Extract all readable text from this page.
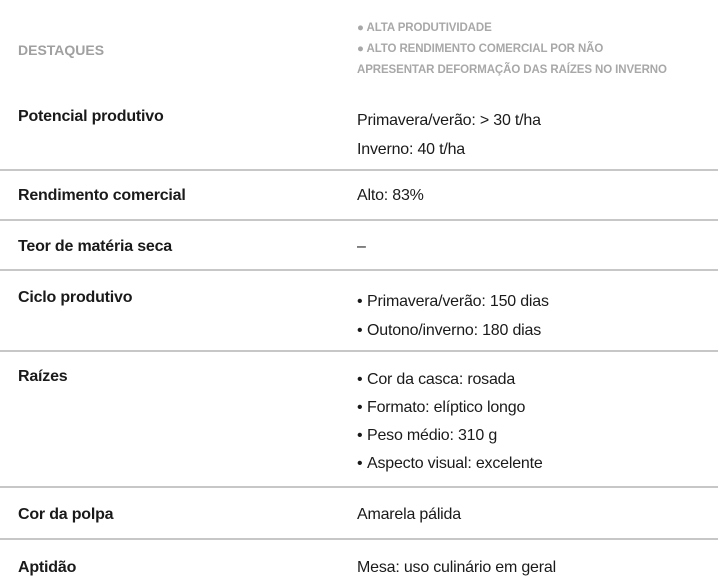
DESTAQUES
● ALTA PRODUTIVIDADE
● ALTO RENDIMENTO COMERCIAL POR NÃO
APRESENTAR DEFORMAÇÃO DAS RAÍZES NO INVERNO
Potencial produtivo	Primavera/verão: > 30 t/ha
Inverno: 40 t/ha
Rendimento comercial	Alto: 83%
Teor de matéria seca	–
Ciclo produtivo	• Primavera/verão: 150 dias
• Outono/inverno: 180 dias
Raízes	• Cor da casca: rosada
• Formato: elíptico longo
• Peso médio: 310 g
• Aspecto visual: excelente
Cor da polpa	Amarela pálida
Aptidão	Mesa: uso culinário em geral
